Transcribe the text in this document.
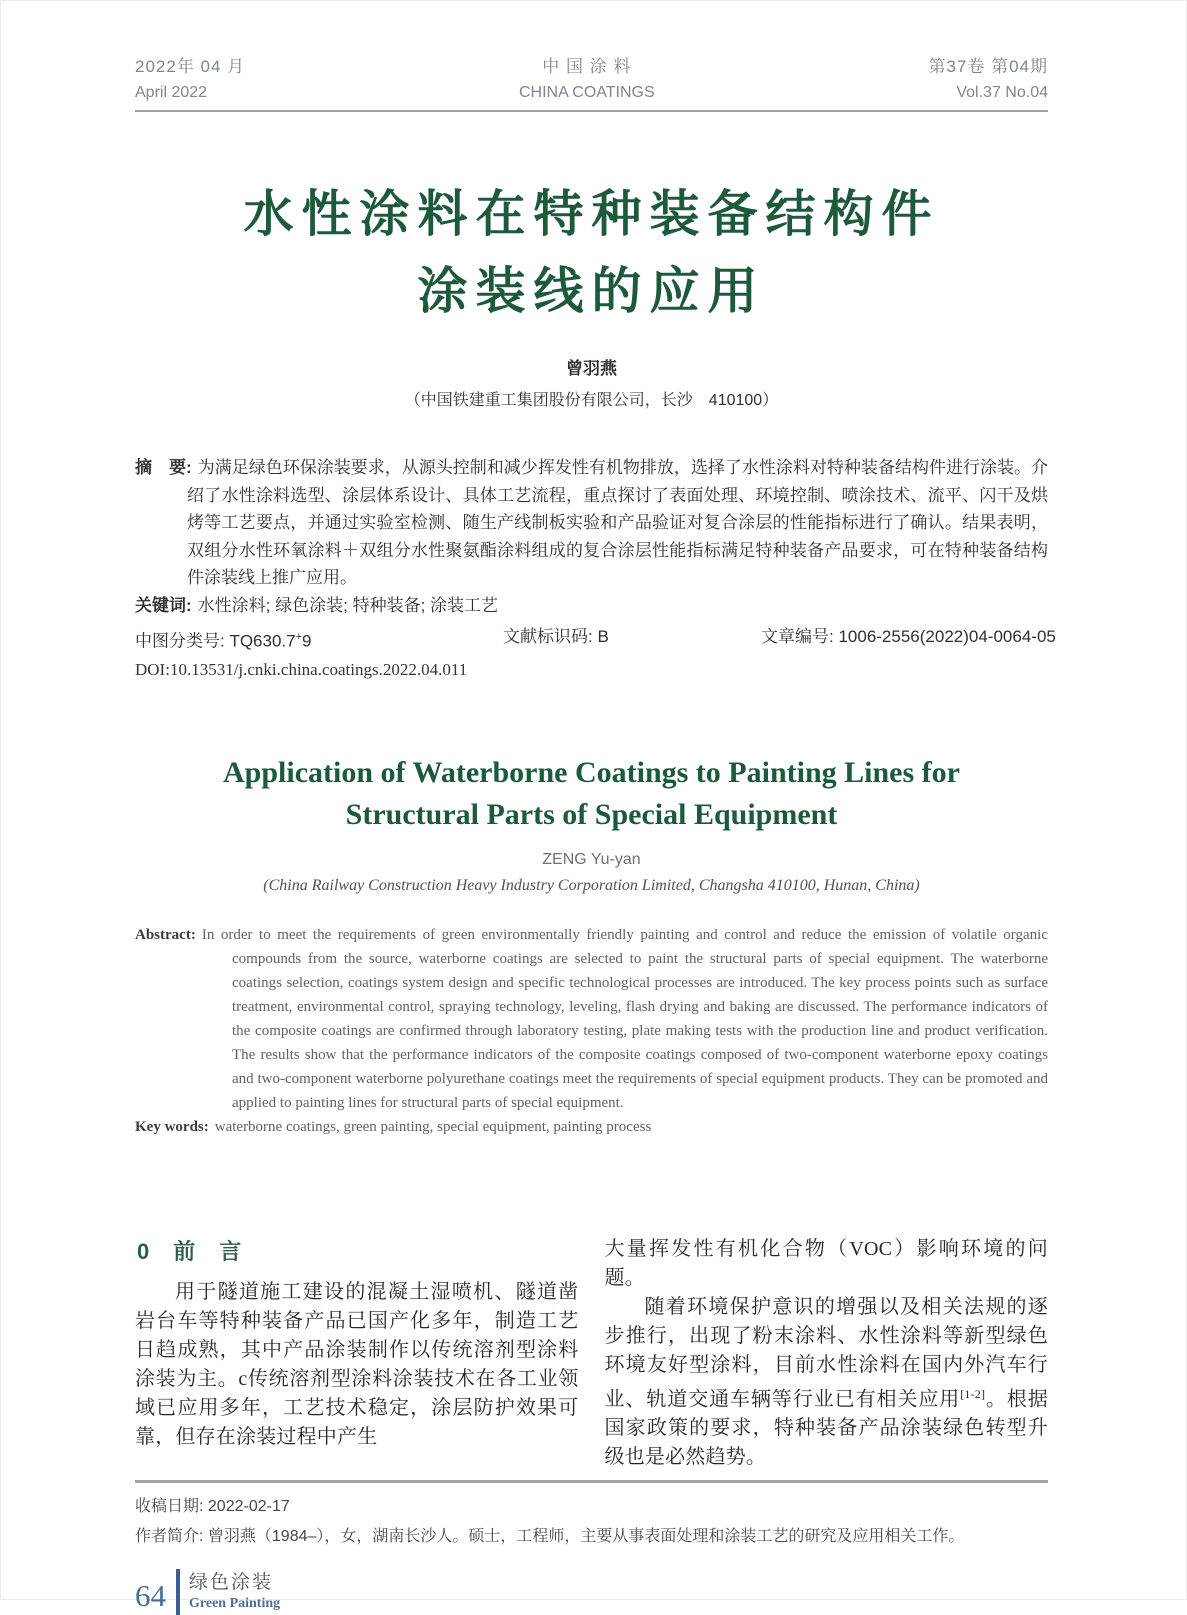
2022年 04 月
April 2022
中 国 涂 料
CHINA COATINGS
第37卷 第04期
Vol.37 No.04
水性涂料在特种装备结构件
涂装线的应用
曾羽燕
（中国铁建重工集团股份有限公司，长沙　410100）

摘　要: 为满足绿色环保涂装要求，从源头控制和减少挥发性有机物排放，选择了水性涂料对特种装备结构件进行涂装。介绍了水性涂料选型、涂层体系设计、具体工艺流程，重点探讨了表面处理、环境控制、喷涂技术、流平、闪干及烘烤等工艺要点，并通过实验室检测、随生产线制板实验和产品验证对复合涂层的性能指标进行了确认。结果表明，双组分水性环氧涂料＋双组分水性聚氨酯涂料组成的复合涂层性能指标满足特种装备产品要求，可在特种装备结构件涂装线上推广应用。

关键词: 水性涂料; 绿色涂装; 特种装备; 涂装工艺

中图分类号: TQ630.7+9	文献标识码: B	文章编号: 1006-2556(2022)04-0064-05
DOI:10.13531/j.cnki.china.coatings.2022.04.011
Application of Waterborne Coatings to Painting Lines for
Structural Parts of Special Equipment
ZENG Yu-yan
(China Railway Construction Heavy Industry Corporation Limited, Changsha 410100, Hunan, China)

Abstract: In order to meet the requirements of green environmentally friendly painting and control and reduce the emission of volatile organic compounds from the source, waterborne coatings are selected to paint the structural parts of special equipment. The waterborne coatings selection, coatings system design and specific technological processes are introduced. The key process points such as surface treatment, environmental control, spraying technology, leveling, flash drying and baking are discussed. The performance indicators of the composite coatings are confirmed through laboratory testing, plate making tests with the production line and product verification. The results show that the performance indicators of the composite coatings composed of two-component waterborne epoxy coatings and two-component waterborne polyurethane coatings meet the requirements of special equipment products. They can be promoted and applied to painting lines for structural parts of special equipment.

Key words: waterborne coatings, green painting, special equipment, painting process

0　前　言

用于隧道施工建设的混凝土湿喷机、隧道凿岩台车等特种装备产品已国产化多年，制造工艺日趋成熟，其中产品涂装制作以传统溶剂型涂料涂装为主。c传统溶剂型涂料涂装技术在各工业领域已应用多年，工艺技术稳定，涂层防护效果可靠，但存在涂装过程中产生

大量挥发性有机化合物（VOC）影响环境的问题。

随着环境保护意识的增强以及相关法规的逐步推行，出现了粉末涂料、水性涂料等新型绿色环境友好型涂料，目前水性涂料在国内外汽车行业、轨道交通车辆等行业已有相关应用[1-2]。根据国家政策的要求，特种装备产品涂装绿色转型升级也是必然趋势。

收稿日期: 2022-02-17
作者简介: 曾羽燕（1984–），女，湖南长沙人。硕士，工程师，主要从事表面处理和涂装工艺的研究及应用相关工作。
64 绿色涂装
Green Painting
